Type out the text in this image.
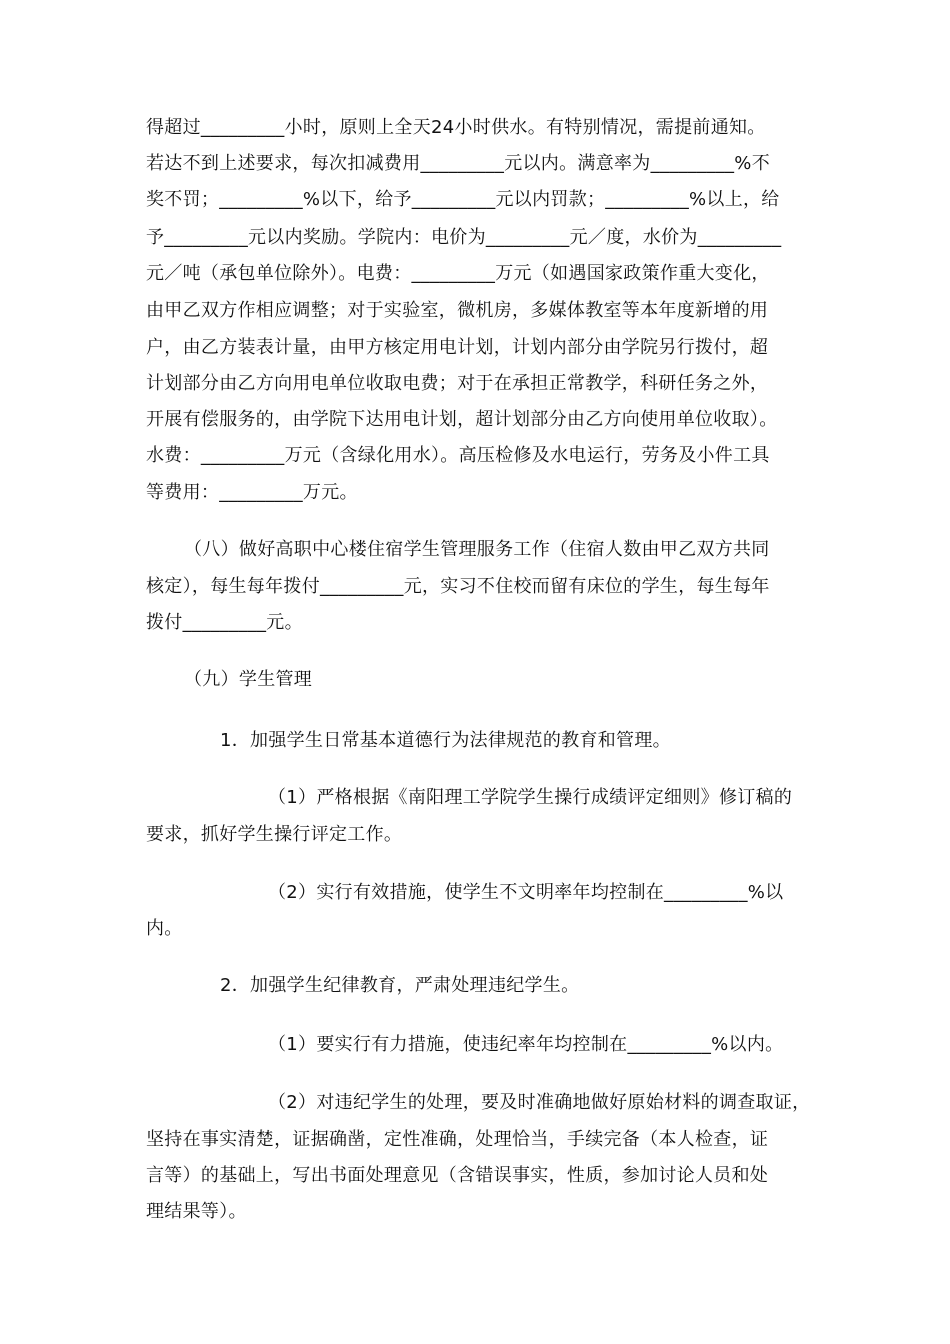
得超过_________小时，原则上全天24小时供水。有特别情况，需提前通知。
若达不到上述要求，每次扣减费用_________元以内。满意率为_________%不
奖不罚；_________%以下，给予_________元以内罚款；_________%以上，给
予_________元以内奖励。学院内：电价为_________元／度，水价为_________
元／吨（承包单位除外）。电费：_________万元（如遇国家政策作重大变化，
由甲乙双方作相应调整；对于实验室，微机房，多媒体教室等本年度新增的用
户，由乙方装表计量，由甲方核定用电计划，计划内部分由学院另行拨付，超
计划部分由乙方向用电单位收取电费；对于在承担正常教学，科研任务之外，
开展有偿服务的，由学院下达用电计划，超计划部分由乙方向使用单位收取）。
水费：_________万元（含绿化用水）。高压检修及水电运行，劳务及小件工具
等费用：_________万元。
（八）做好高职中心楼住宿学生管理服务工作（住宿人数由甲乙双方共同
核定），每生每年拨付_________元，实习不住校而留有床位的学生，每生每年
拨付_________元。
（九）学生管理
1．加强学生日常基本道德行为法律规范的教育和管理。
（1）严格根据《南阳理工学院学生操行成绩评定细则》修订稿的
要求，抓好学生操行评定工作。
（2）实行有效措施，使学生不文明率年均控制在_________%以
内。
2．加强学生纪律教育，严肃处理违纪学生。
（1）要实行有力措施，使违纪率年均控制在_________%以内。
（2）对违纪学生的处理，要及时准确地做好原始材料的调查取证，
坚持在事实清楚，证据确凿，定性准确，处理恰当，手续完备（本人检查，证
言等）的基础上，写出书面处理意见（含错误事实，性质，参加讨论人员和处
理结果等）。
